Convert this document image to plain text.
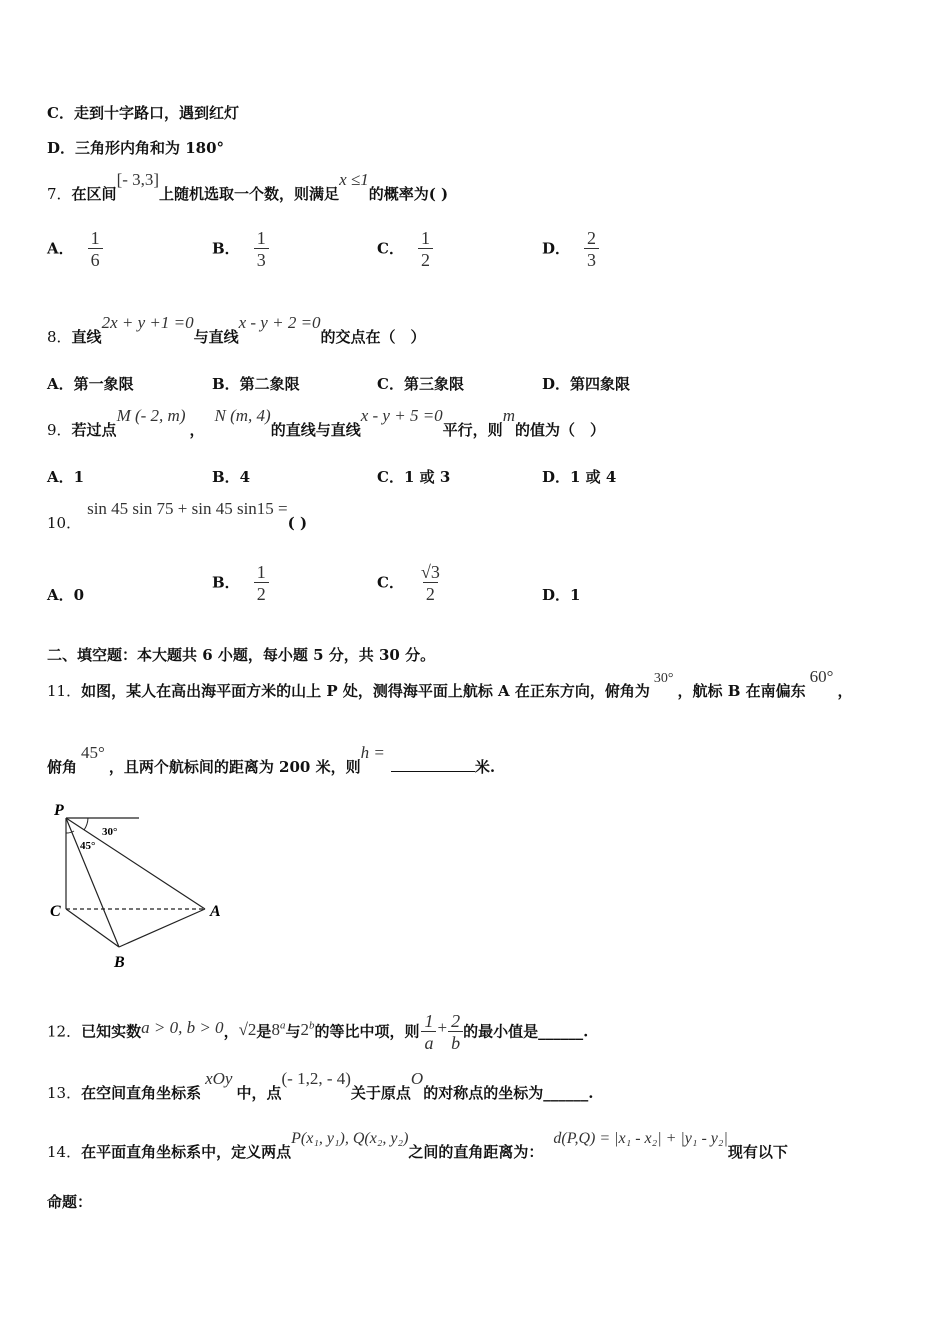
C．走到十字路口，遇到红灯
D．三角形内角和为 180°
7．在区间[- 3,3]上随机选取一个数，则满足x ≤1的概率为( )
A． $\frac{1}{6}$	B． $\frac{1}{3}$	C． $\frac{1}{2}$	D． $\frac{2}{3}$
8．直线2x + y +1 =0与直线x - y + 2 =0的交点在（　）
A．第一象限	B．第二象限	C．第三象限	D．第四象限
9．若过点M (- 2, m)，N (m, 4)的直线与直线x - y + 5 =0平行，则m的值为（　）
A．1	B．4	C．1 或 3	D．1 或 4
10．sin 45 sin 75 + sin 45 sin15 =( )
A．0
B． $\frac{1}{2}$	C． $\frac{√3}{2}$	D．1
二、填空题：本大题共 6 小题，每小题 5 分，共 30 分。
11．如图，某人在高出海平面方米的山上 P 处，测得海平面上航标 A 在正东方向，俯角为30°，航标 B 在南偏东60°，
俯角45°，且两个航标间的距离为 200 米，则h =米.
P
30°
45°
C	A
B
12．已知实数a > 0, b > 0，√2是8$^a$与2$^b$的等比中项，则 $\frac{1}{a} + \frac{2}{b}$ 的最小值是______.
13．在空间直角坐标系xOy中，点(- 1,2, - 4)关于原点O的对称点的坐标为______.
14．在平面直角坐标系中，定义两点P(x₁, y₁), Q(x₂, y₂)之间的直角距离为：d(P,Q) = |x₁ - x₂| + |y₁ - y₂|现有以下
命题：
